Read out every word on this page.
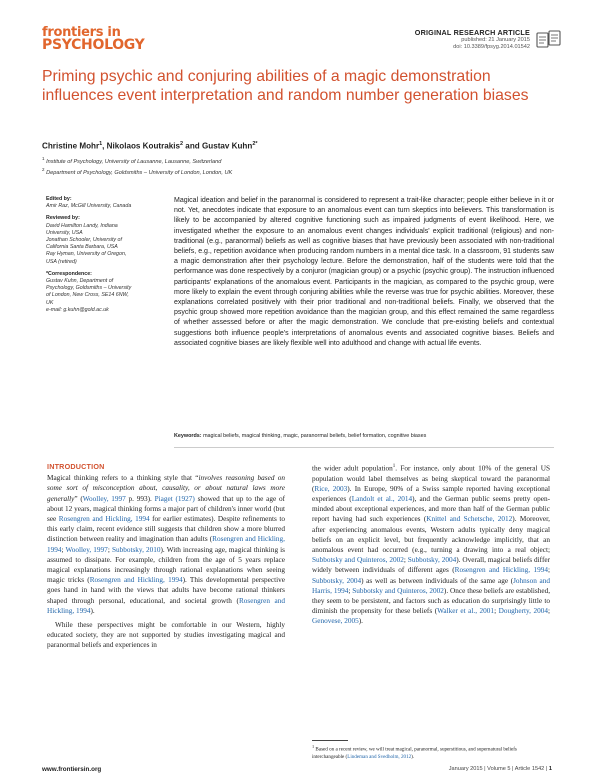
frontiers in
PSYCHOLOGY
ORIGINAL RESEARCH ARTICLE
published: 21 January 2015
doi: 10.3389/fpsyg.2014.01542
Priming psychic and conjuring abilities of a magic demonstration influences event interpretation and random number generation biases
Christine Mohr$^1$, Nikolaos Koutrakis$^2$ and Gustav Kuhn$^{2*}$
$^1$ Institute of Psychology, University of Lausanne, Lausanne, Switzerland
$^2$ Department of Psychology, Goldsmiths – University of London, London, UK
Edited by:
Amir Raz, McGill University, Canada
Reviewed by:
David Hamilton Landy, Indiana
University, USA
Jonathan Schooler, University of
California Santa Barbara, USA
Ray Hyman, University of Oregon,
USA (retired)
*Correspondence:
Gustav Kuhn, Department of
Psychology, Goldsmiths – University
of London, New Cross, SE14 6NW,
UK
e-mail: g.kuhn@gold.ac.uk

Magical ideation and belief in the paranormal is considered to represent a trait-like character; people either believe in it or not. Yet, anecdotes indicate that exposure to an anomalous event can turn skeptics into believers. This transformation is likely to be accompanied by altered cognitive functioning such as impaired judgments of event likelihood. Here, we investigated whether the exposure to an anomalous event changes individuals' explicit traditional (religious) and non-traditional (e.g., paranormal) beliefs as well as cognitive biases that have previously been associated with non-traditional beliefs, e.g., repetition avoidance when producing random numbers in a mental dice task. In a classroom, 91 students saw a magic demonstration after their psychology lecture. Before the demonstration, half of the students were told that the performance was done respectively by a conjuror (magician group) or a psychic (psychic group). The instruction influenced participants' explanations of the anomalous event. Participants in the magician, as compared to the psychic group, were more likely to explain the event through conjuring abilities while the reverse was true for psychic abilities. Moreover, these explanations correlated positively with their prior traditional and non-traditional beliefs. Finally, we observed that the psychic group showed more repetition avoidance than the magician group, and this effect remained the same regardless of whether assessed before or after the magic demonstration. We conclude that pre-existing beliefs and contextual suggestions both influence people's interpretations of anomalous events and associated cognitive biases. Beliefs and associated cognitive biases are likely flexible well into adulthood and change with actual life events.

Keywords: magical beliefs, magical thinking, magic, paranormal beliefs, belief formation, cognitive biases
INTRODUCTION

Magical thinking refers to a thinking style that “involves reasoning based on some sort of misconception about, causality, or about natural laws more generally” (Woolley, 1997 p. 993). Piaget (1927) showed that up to the age of about 12 years, magical thinking forms a major part of children's inner world (but see Rosengren and Hickling, 1994 for earlier estimates). Despite refinements to this early claim, recent evidence still suggests that children show a more blurred distinction between reality and imagination than adults (Rosengren and Hickling, 1994; Woolley, 1997; Subbotsky, 2010). With increasing age, magical thinking is assumed to dissipate. For example, children from the age of 5 years replace magical explanations increasingly through rational explanations when seeing magic tricks (Rosengren and Hickling, 1994). This developmental perspective goes hand in hand with the views that adults have become rational thinkers shaped through personal, educational, and societal growth (Rosengren and Hickling, 1994).

While these perspectives might be comfortable in our Western, highly educated society, they are not supported by studies investigating magical and paranormal beliefs and experiences in

the wider adult population$^1$. For instance, only about 10% of the general US population would label themselves as being skeptical toward the paranormal (Rice, 2003). In Europe, 90% of a Swiss sample reported having exceptional experiences (Landolt et al., 2014), and the German public seems pretty open-minded about exceptional experiences, and more than half of the German public report having had such experiences (Knittel and Schetsche, 2012). Moreover, after experiencing anomalous events, Western adults typically deny magical beliefs on an explicit level, but frequently acknowledge implicitly, that an anomalous event had occurred (e.g., turning a drawing into a real object; Subbotsky and Quinteros, 2002; Subbotsky, 2004). Overall, magical beliefs differ widely between individuals of different ages (Rosengren and Hickling, 1994; Subbotsky, 2004) as well as between individuals of the same age (Johnson and Harris, 1994; Subbotsky and Quinteros, 2002). Once these beliefs are established, they seem to be persistent, and factors such as education do surprisingly little to diminish the propensity for these beliefs (Walker et al., 2001; Dougherty, 2004; Genovese, 2005).

$^1$ Based on a recent review, we will treat magical, paranormal, superstitious, and supernatural beliefs interchangeable (Lindeman and Svedholm, 2012).
www.frontiersin.org	January 2015 | Volume 5 | Article 1542 | 1
